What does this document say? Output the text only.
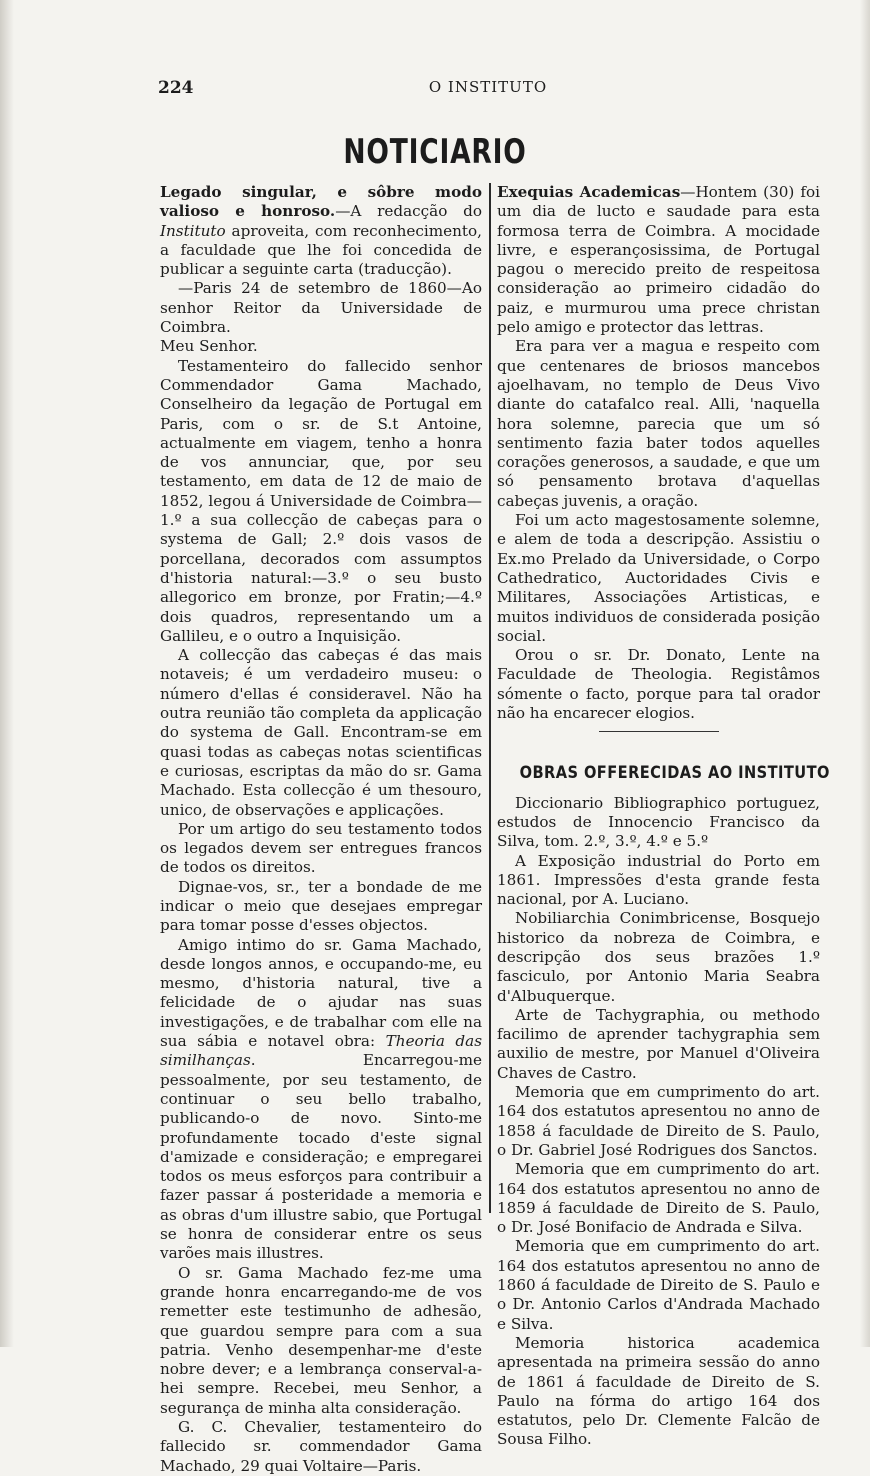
224	O INSTITUTO
NOTICIARIO

Legado singular, e sôbre modo valioso e honroso.—A redacção do Instituto aproveita, com reconhecimento, a faculdade que lhe foi concedida de publicar a seguinte carta (traducção).

—Paris 24 de setembro de 1860—Ao senhor Reitor da Universidade de Coimbra.

Meu Senhor.

Testamenteiro do fallecido senhor Commendador Gama Machado, Conselheiro da legação de Portugal em Paris, com o sr. de S.t Antoine, actualmente em viagem, tenho a honra de vos annunciar, que, por seu testamento, em data de 12 de maio de 1852, legou á Universidade de Coimbra—1.º a sua collecção de cabeças para o systema de Gall; 2.º dois vasos de porcellana, decorados com assumptos d'historia natural:—3.º o seu busto allegorico em bronze, por Fratin;—4.º dois quadros, representando um a Gallileu, e o outro a Inquisição.

A collecção das cabeças é das mais notaveis; é um verdadeiro museu: o número d'ellas é consideravel. Não ha outra reunião tão completa da applicação do systema de Gall. Encontram-se em quasi todas as cabeças notas scientificas e curiosas, escriptas da mão do sr. Gama Machado. Esta collecção é um thesouro, unico, de observações e applicações.

Por um artigo do seu testamento todos os legados devem ser entregues francos de todos os direitos.

Dignae-vos, sr., ter a bondade de me indicar o meio que desejaes empregar para tomar posse d'esses objectos.

Amigo intimo do sr. Gama Machado, desde longos annos, e occupando-me, eu mesmo, d'historia natural, tive a felicidade de o ajudar nas suas investigações, e de trabalhar com elle na sua sábia e notavel obra: Theoria das similhanças. Encarregou-me pessoalmente, por seu testamento, de continuar o seu bello trabalho, publicando-o de novo. Sinto-me profundamente tocado d'este signal d'amizade e consideração; e empregarei todos os meus esforços para contribuir a fazer passar á posteridade a memoria e as obras d'um illustre sabio, que Portugal se honra de considerar entre os seus varões mais illustres.

O sr. Gama Machado fez-me uma grande honra encarregando-me de vos remetter este testimunho de adhesão, que guardou sempre para com a sua patria. Venho desempenhar-me d'este nobre dever; e a lembrança conserval-a-hei sempre. Recebei, meu Senhor, a segurança de minha alta consideração.

G. C. Chevalier, testamenteiro do fallecido sr. commendador Gama Machado, 29 quai Voltaire—Paris.

Exequias Academicas—Hontem (30) foi um dia de lucto e saudade para esta formosa terra de Coimbra. A mocidade livre, e esperançosissima, de Portugal pagou o merecido preito de respeitosa consideração ao primeiro cidadão do paiz, e murmurou uma prece christan pelo amigo e protector das lettras.

Era para ver a magua e respeito com que centenares de briosos mancebos ajoelhavam, no templo de Deus Vivo diante do catafalco real. Alli, 'naquella hora solemne, parecia que um só sentimento fazia bater todos aquelles corações generosos, a saudade, e que um só pensamento brotava d'aquellas cabeças juvenis, a oração.

Foi um acto magestosamente solemne, e alem de toda a descripção. Assistiu o Ex.mo Prelado da Universidade, o Corpo Cathedratico, Auctoridades Civis e Militares, Associações Artisticas, e muitos individuos de considerada posição social.

Orou o sr. Dr. Donato, Lente na Faculdade de Theologia. Registâmos sómente o facto, porque para tal orador não ha encarecer elogios.

OBRAS OFFERECIDAS AO INSTITUTO

Diccionario Bibliographico portuguez, estudos de Innocencio Francisco da Silva, tom. 2.º, 3.º, 4.º e 5.º

A Exposição industrial do Porto em 1861. Impressões d'esta grande festa nacional, por A. Luciano.

Nobiliarchia Conimbricense, Bosquejo historico da nobreza de Coimbra, e descripção dos seus brazões 1.º fasciculo, por Antonio Maria Seabra d'Albuquerque.

Arte de Tachygraphia, ou methodo facilimo de aprender tachygraphia sem auxilio de mestre, por Manuel d'Oliveira Chaves de Castro.

Memoria que em cumprimento do art. 164 dos estatutos apresentou no anno de 1858 á faculdade de Direito de S. Paulo, o Dr. Gabriel José Rodrigues dos Sanctos.

Memoria que em cumprimento do art. 164 dos estatutos apresentou no anno de 1859 á faculdade de Direito de S. Paulo, o Dr. José Bonifacio de Andrada e Silva.

Memoria que em cumprimento do art. 164 dos estatutos apresentou no anno de 1860 á faculdade de Direito de S. Paulo e o Dr. Antonio Carlos d'Andrada Machado e Silva.

Memoria historica academica apresentada na primeira sessão do anno de 1861 á faculdade de Direito de S. Paulo na fórma do artigo 164 dos estatutos, pelo Dr. Clemente Falcão de Sousa Filho.
